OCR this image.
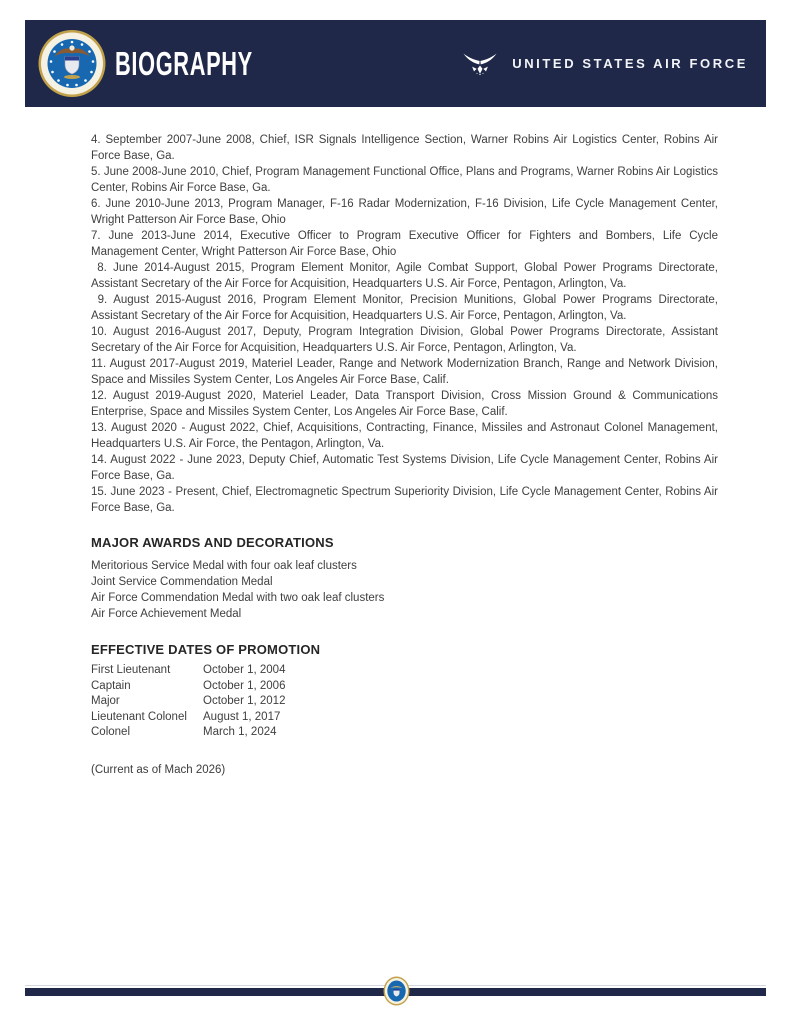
BIOGRAPHY	UNITED STATES AIR FORCE

4. September 2007-June 2008, Chief, ISR Signals Intelligence Section, Warner Robins Air Logistics Center, Robins Air Force Base, Ga.

5. June 2008-June 2010, Chief, Program Management Functional Office, Plans and Programs, Warner Robins Air Logistics Center, Robins Air Force Base, Ga.

6. June 2010-June 2013, Program Manager, F-16 Radar Modernization, F-16 Division, Life Cycle Management Center, Wright Patterson Air Force Base, Ohio

7. June 2013-June 2014, Executive Officer to Program Executive Officer for Fighters and Bombers, Life Cycle Management Center, Wright Patterson Air Force Base, Ohio

8. June 2014-August 2015, Program Element Monitor, Agile Combat Support, Global Power Programs Directorate, Assistant Secretary of the Air Force for Acquisition, Headquarters U.S. Air Force, Pentagon, Arlington, Va.

9. August 2015-August 2016, Program Element Monitor, Precision Munitions, Global Power Programs Directorate, Assistant Secretary of the Air Force for Acquisition, Headquarters U.S. Air Force, Pentagon, Arlington, Va.

10. August 2016-August 2017, Deputy, Program Integration Division, Global Power Programs Directorate, Assistant Secretary of the Air Force for Acquisition, Headquarters U.S. Air Force, Pentagon, Arlington, Va.

11. August 2017-August 2019, Materiel Leader, Range and Network Modernization Branch, Range and Network Division, Space and Missiles System Center, Los Angeles Air Force Base, Calif.

12. August 2019-August 2020, Materiel Leader, Data Transport Division, Cross Mission Ground & Communications Enterprise, Space and Missiles System Center, Los Angeles Air Force Base, Calif.

13. August 2020 - August 2022, Chief, Acquisitions, Contracting, Finance, Missiles and Astronaut Colonel Management, Headquarters U.S. Air Force, the Pentagon, Arlington, Va.

14. August 2022 - June 2023, Deputy Chief, Automatic Test Systems Division, Life Cycle Management Center, Robins Air Force Base, Ga.

15. June 2023 - Present, Chief, Electromagnetic Spectrum Superiority Division, Life Cycle Management Center, Robins Air Force Base, Ga.

MAJOR AWARDS AND DECORATIONS
Meritorious Service Medal with four oak leaf clusters
Joint Service Commendation Medal
Air Force Commendation Medal with two oak leaf clusters
Air Force Achievement Medal
EFFECTIVE DATES OF PROMOTION
First Lieutenant	October 1, 2004
Captain	October 1, 2006
Major	October 1, 2012
Lieutenant Colonel	August 1, 2017
Colonel	March 1, 2024
(Current as of Mach 2026)
